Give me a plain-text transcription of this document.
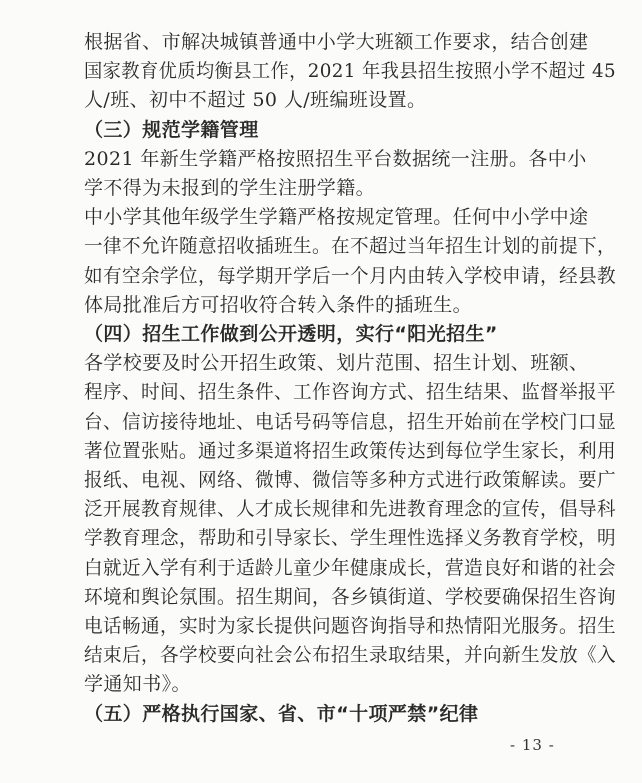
根据省、市解决城镇普通中小学大班额工作要求，结合创建
国家教育优质均衡县工作，2021 年我县招生按照小学不超过 45
人/班、初中不超过 50 人/班编班设置。
（三）规范学籍管理
2021 年新生学籍严格按照招生平台数据统一注册。各中小
学不得为未报到的学生注册学籍。
中小学其他年级学生学籍严格按规定管理。任何中小学中途
一律不允许随意招收插班生。在不超过当年招生计划的前提下，
如有空余学位，每学期开学后一个月内由转入学校申请，经县教
体局批准后方可招收符合转入条件的插班生。
（四）招生工作做到公开透明，实行“阳光招生”
各学校要及时公开招生政策、划片范围、招生计划、班额、
程序、时间、招生条件、工作咨询方式、招生结果、监督举报平
台、信访接待地址、电话号码等信息，招生开始前在学校门口显
著位置张贴。通过多渠道将招生政策传达到每位学生家长，利用
报纸、电视、网络、微博、微信等多种方式进行政策解读。要广
泛开展教育规律、人才成长规律和先进教育理念的宣传，倡导科
学教育理念，帮助和引导家长、学生理性选择义务教育学校，明
白就近入学有利于适龄儿童少年健康成长，营造良好和谐的社会
环境和舆论氛围。招生期间，各乡镇街道、学校要确保招生咨询
电话畅通，实时为家长提供问题咨询指导和热情阳光服务。招生
结束后，各学校要向社会公布招生录取结果，并向新生发放《入
学通知书》。
（五）严格执行国家、省、市“十项严禁”纪律
- 13 -
